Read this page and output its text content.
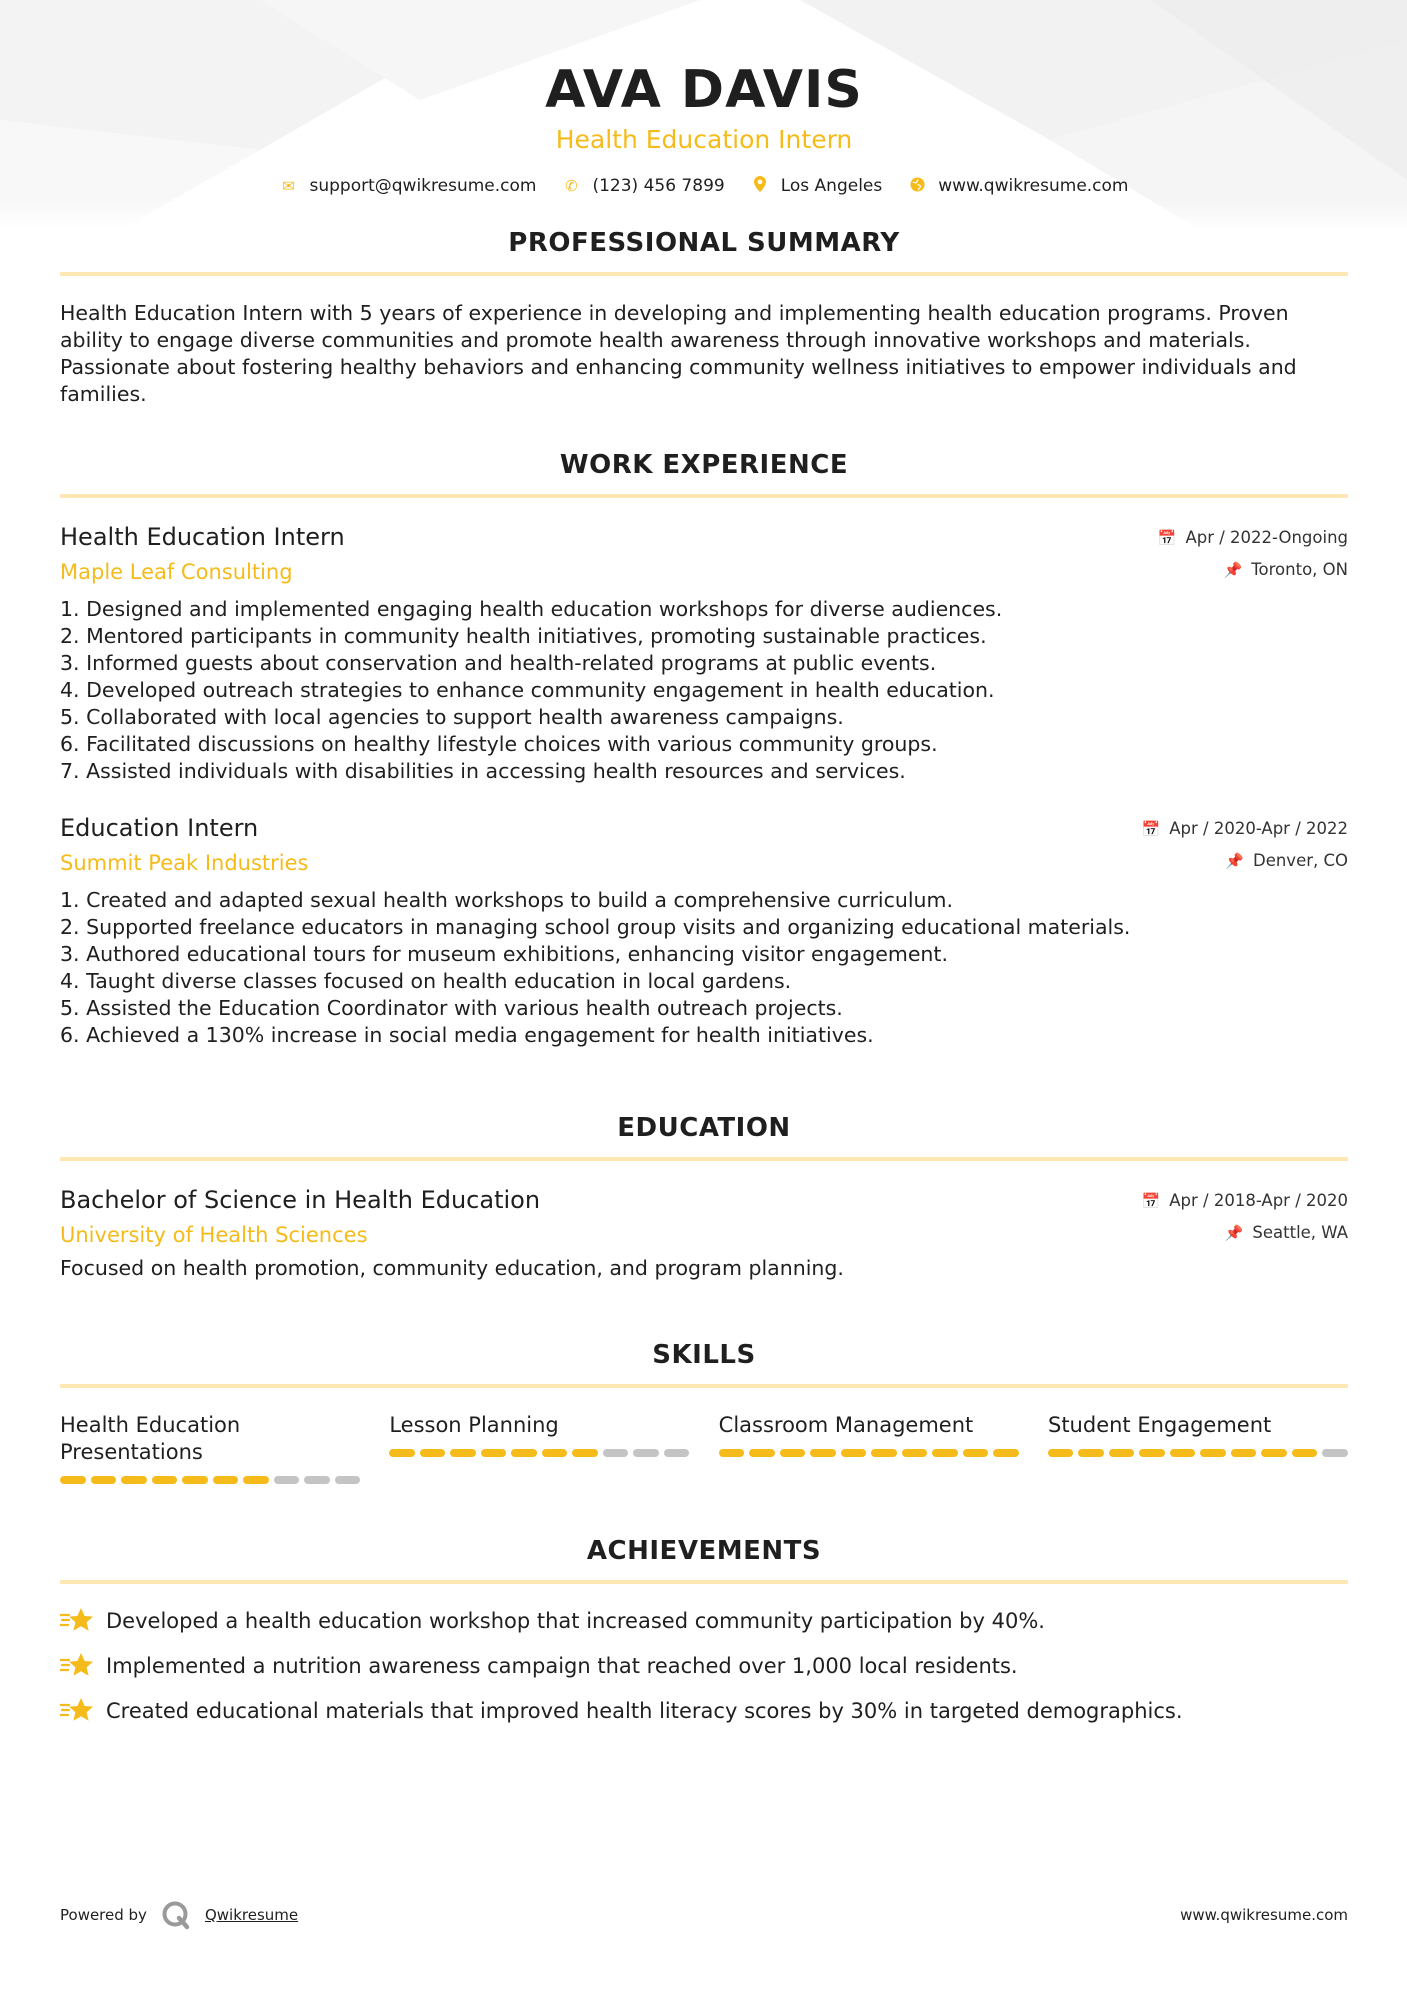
AVA DAVIS
Health Education Intern
✉ support@qwikresume.com ✆ (123) 456 7899	Los Angeles	www.qwikresume.com
PROFESSIONAL SUMMARY

Health Education Intern with 5 years of experience in developing and implementing health education programs. Proven ability to engage diverse communities and promote health awareness through innovative workshops and materials. Passionate about fostering healthy behaviors and enhancing community wellness initiatives to empower individuals and families.

WORK EXPERIENCE
Health Education Intern
Maple Leaf Consulting
📅 Apr / 2022-Ongoing
📌 Toronto, ON
1. Designed and implemented engaging health education workshops for diverse audiences.
2. Mentored participants in community health initiatives, promoting sustainable practices.
3. Informed guests about conservation and health-related programs at public events.
4. Developed outreach strategies to enhance community engagement in health education.
5. Collaborated with local agencies to support health awareness campaigns.
6. Facilitated discussions on healthy lifestyle choices with various community groups.
7. Assisted individuals with disabilities in accessing health resources and services.
Education Intern
Summit Peak Industries
📅 Apr / 2020-Apr / 2022
📌 Denver, CO
1. Created and adapted sexual health workshops to build a comprehensive curriculum.
2. Supported freelance educators in managing school group visits and organizing educational materials.
3. Authored educational tours for museum exhibitions, enhancing visitor engagement.
4. Taught diverse classes focused on health education in local gardens.
5. Assisted the Education Coordinator with various health outreach projects.
6. Achieved a 130% increase in social media engagement for health initiatives.
EDUCATION
Bachelor of Science in Health Education
University of Health Sciences
📅 Apr / 2018-Apr / 2020
📌 Seattle, WA

Focused on health promotion, community education, and program planning.

SKILLS
Health Education Presentations
Lesson Planning	Classroom Management	Student Engagement
ACHIEVEMENTS
Developed a health education workshop that increased community participation by 40%.
Implemented a nutrition awareness campaign that reached over 1,000 local residents.
Created educational materials that improved health literacy scores by 30% in targeted demographics.
Powered by	Qwikresume	www.qwikresume.com
